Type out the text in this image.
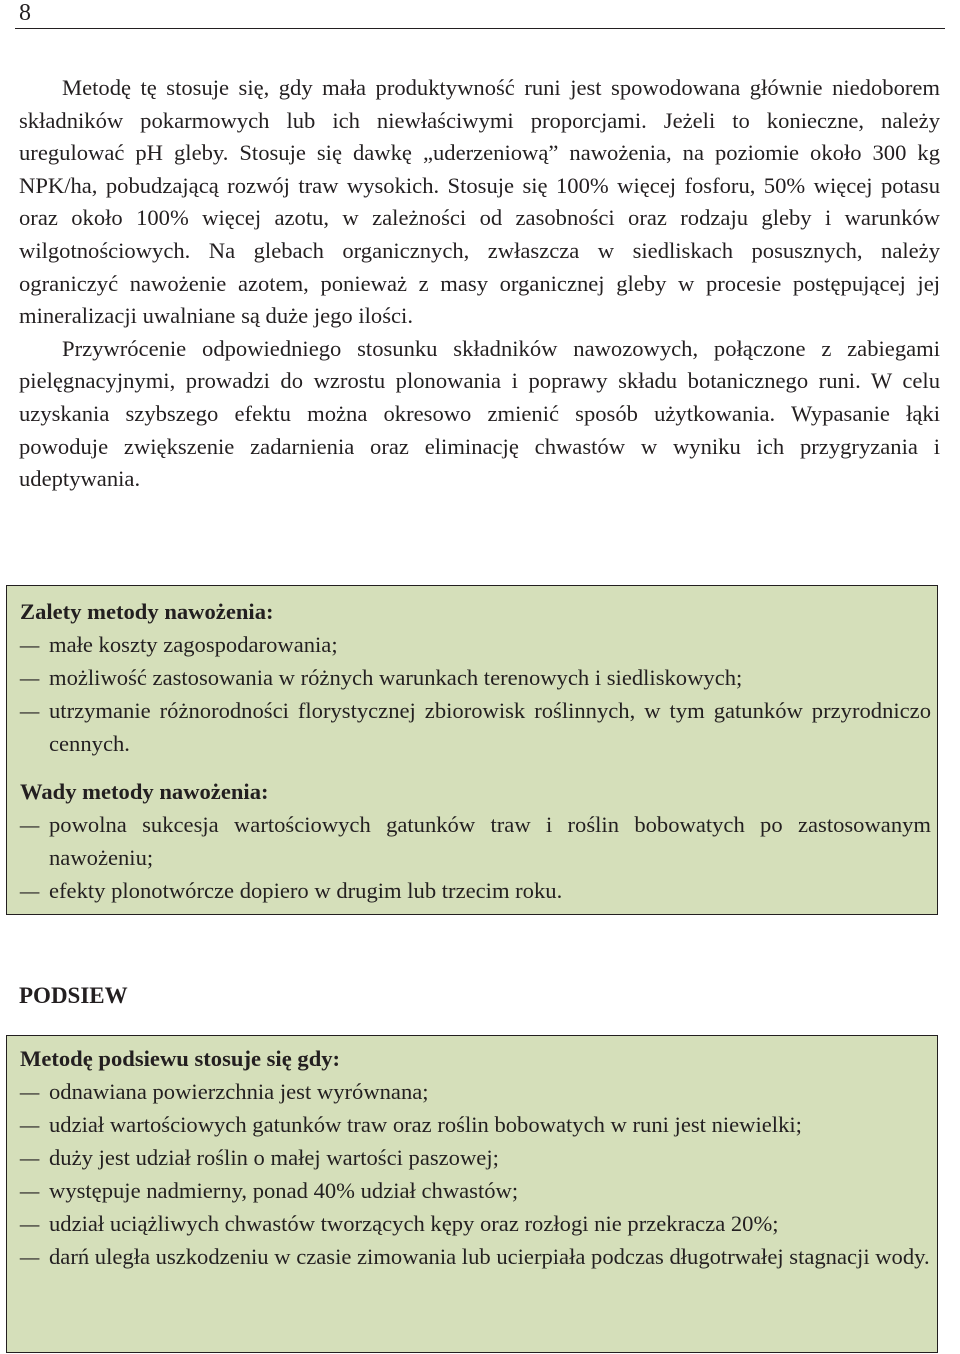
8

Metodę tę stosuje się, gdy mała produktywność runi jest spowodowana głównie niedoborem składników pokarmowych lub ich niewłaściwymi proporcjami. Jeżeli to konieczne, należy uregulować pH gleby. Stosuje się dawkę „uderzeniową” nawożenia, na poziomie około 300 kg NPK/ha, pobudzającą rozwój traw wysokich. Stosuje się 100% więcej fosforu, 50% więcej potasu oraz około 100% więcej azotu, w zależności od zasobności oraz rodzaju gleby i warunków wilgotnościowych. Na glebach organicznych, zwłaszcza w siedliskach posusznych, należy ograniczyć nawożenie azotem, ponieważ z masy organicznej gleby w procesie postępującej jej mineralizacji uwalniane są duże jego ilości.

Przywrócenie odpowiedniego stosunku składników nawozowych, połączone z zabiegami pielęgnacyjnymi, prowadzi do wzrostu plonowania i poprawy składu botanicznego runi. W celu uzyskania szybszego efektu można okresowo zmienić sposób użytkowania. Wypasanie łąki powoduje zwiększenie zadarnienia oraz eliminację chwastów w wyniku ich przygryzania i udeptywania.

Zalety metody nawożenia:
– małe koszty zagospodarowania;
– możliwość zastosowania w różnych warunkach terenowych i siedliskowych;
– utrzymanie różnorodności florystycznej zbiorowisk roślinnych, w tym gatunków przyrodniczo cennych.
Wady metody nawożenia:
– powolna sukcesja wartościowych gatunków traw i roślin bobowatych po zastosowanym nawożeniu;
– efekty plonotwórcze dopiero w drugim lub trzecim roku.
PODSIEW
Metodę podsiewu stosuje się gdy:
– odnawiana powierzchnia jest wyrównana;
– udział wartościowych gatunków traw oraz roślin bobowatych w runi jest niewielki;
– duży jest udział roślin o małej wartości paszowej;
– występuje nadmierny, ponad 40% udział chwastów;
– udział uciążliwych chwastów tworzących kępy oraz rozłogi nie przekracza 20%;
– darń uległa uszkodzeniu w czasie zimowania lub ucierpiała podczas długotrwałej stagnacji wody.
